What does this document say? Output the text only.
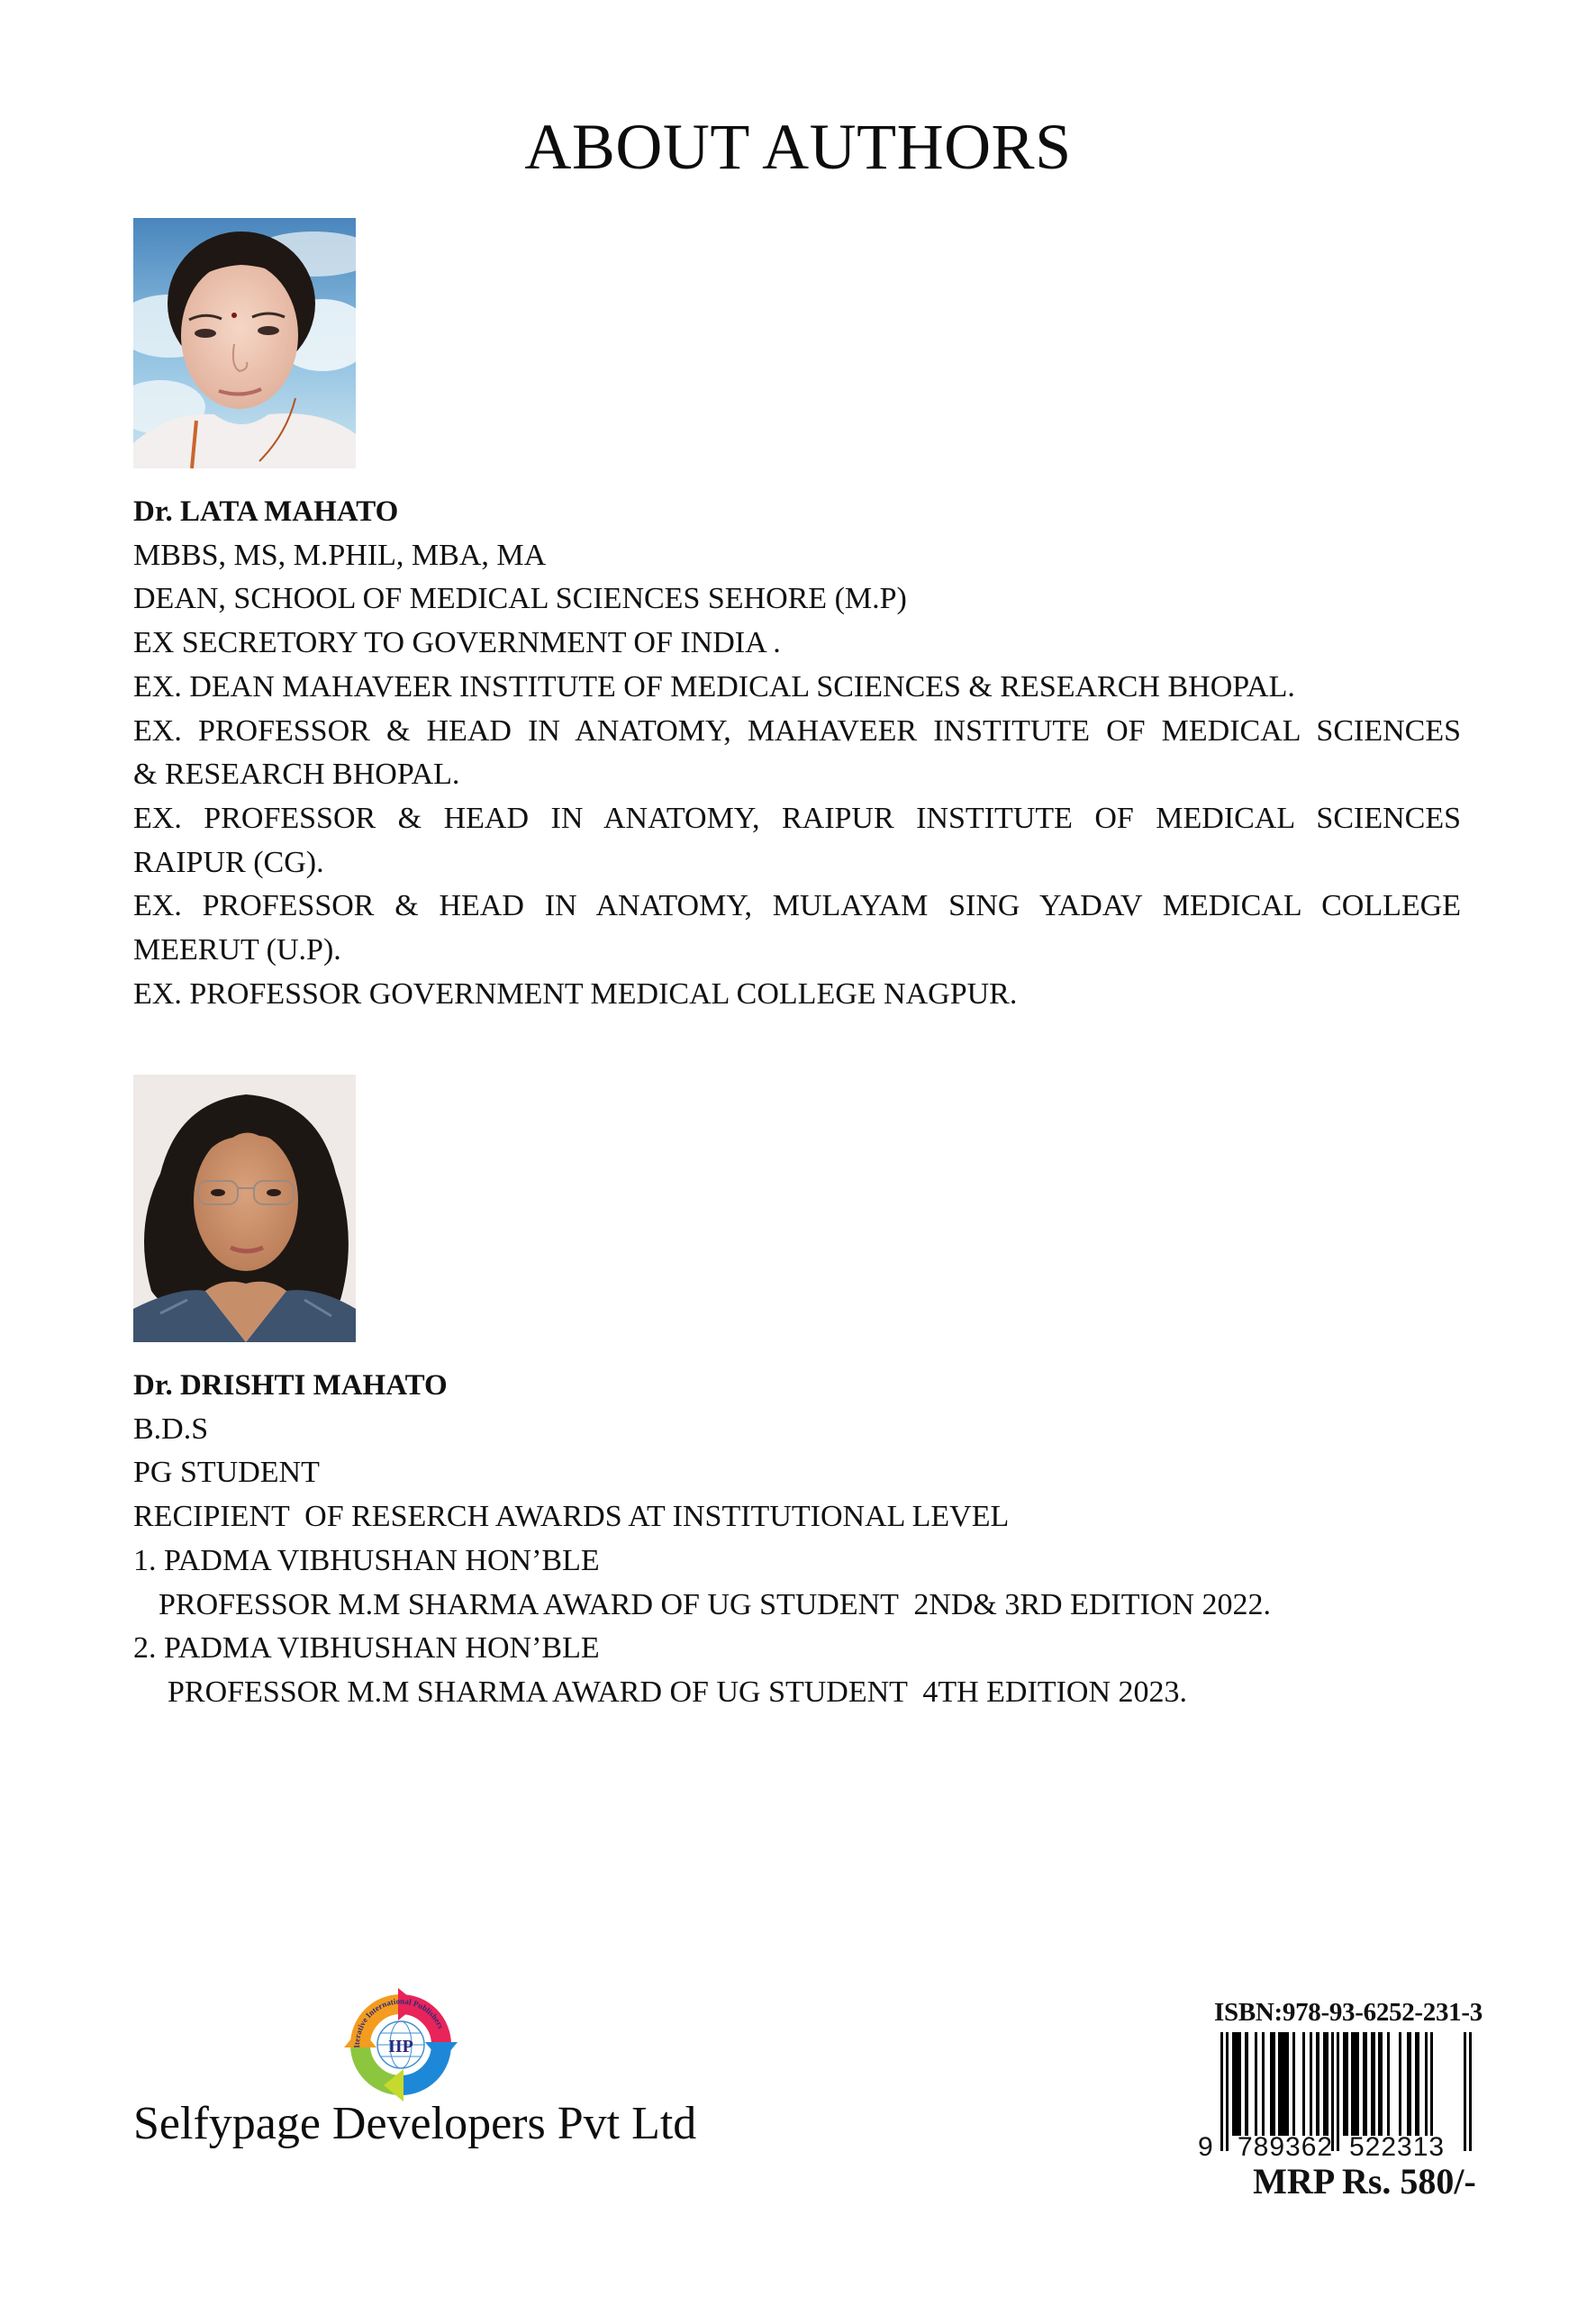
ABOUT AUTHORS
Dr. LATA MAHATO
MBBS, MS, M.PHIL, MBA, MA
DEAN, SCHOOL OF MEDICAL SCIENCES SEHORE (M.P)
EX SECRETORY TO GOVERNMENT OF INDIA .
EX. DEAN MAHAVEER INSTITUTE OF MEDICAL SCIENCES & RESEARCH BHOPAL.
EX. PROFESSOR & HEAD IN ANATOMY, MAHAVEER INSTITUTE OF MEDICAL SCIENCES
& RESEARCH BHOPAL.
EX. PROFESSOR & HEAD IN ANATOMY, RAIPUR INSTITUTE OF MEDICAL SCIENCES
RAIPUR (CG).
EX. PROFESSOR & HEAD IN ANATOMY, MULAYAM SING YADAV MEDICAL COLLEGE
MEERUT (U.P).
EX. PROFESSOR GOVERNMENT MEDICAL COLLEGE NAGPUR.
Dr. DRISHTI MAHATO
B.D.S
PG STUDENT
RECIPIENT  OF RESERCH AWARDS AT INSTITUTIONAL LEVEL
1. PADMA VIBHUSHAN HON’BLE
PROFESSOR M.M SHARMA AWARD OF UG STUDENT  2ND& 3RD EDITION 2022.
2. PADMA VIBHUSHAN HON’BLE
PROFESSOR M.M SHARMA AWARD OF UG STUDENT  4TH EDITION 2023.
IIP
Iterative International Publishers
Selfypage Developers Pvt Ltd
ISBN:978-93-6252-231-3
9 789362 522313
MRP Rs. 580/-
